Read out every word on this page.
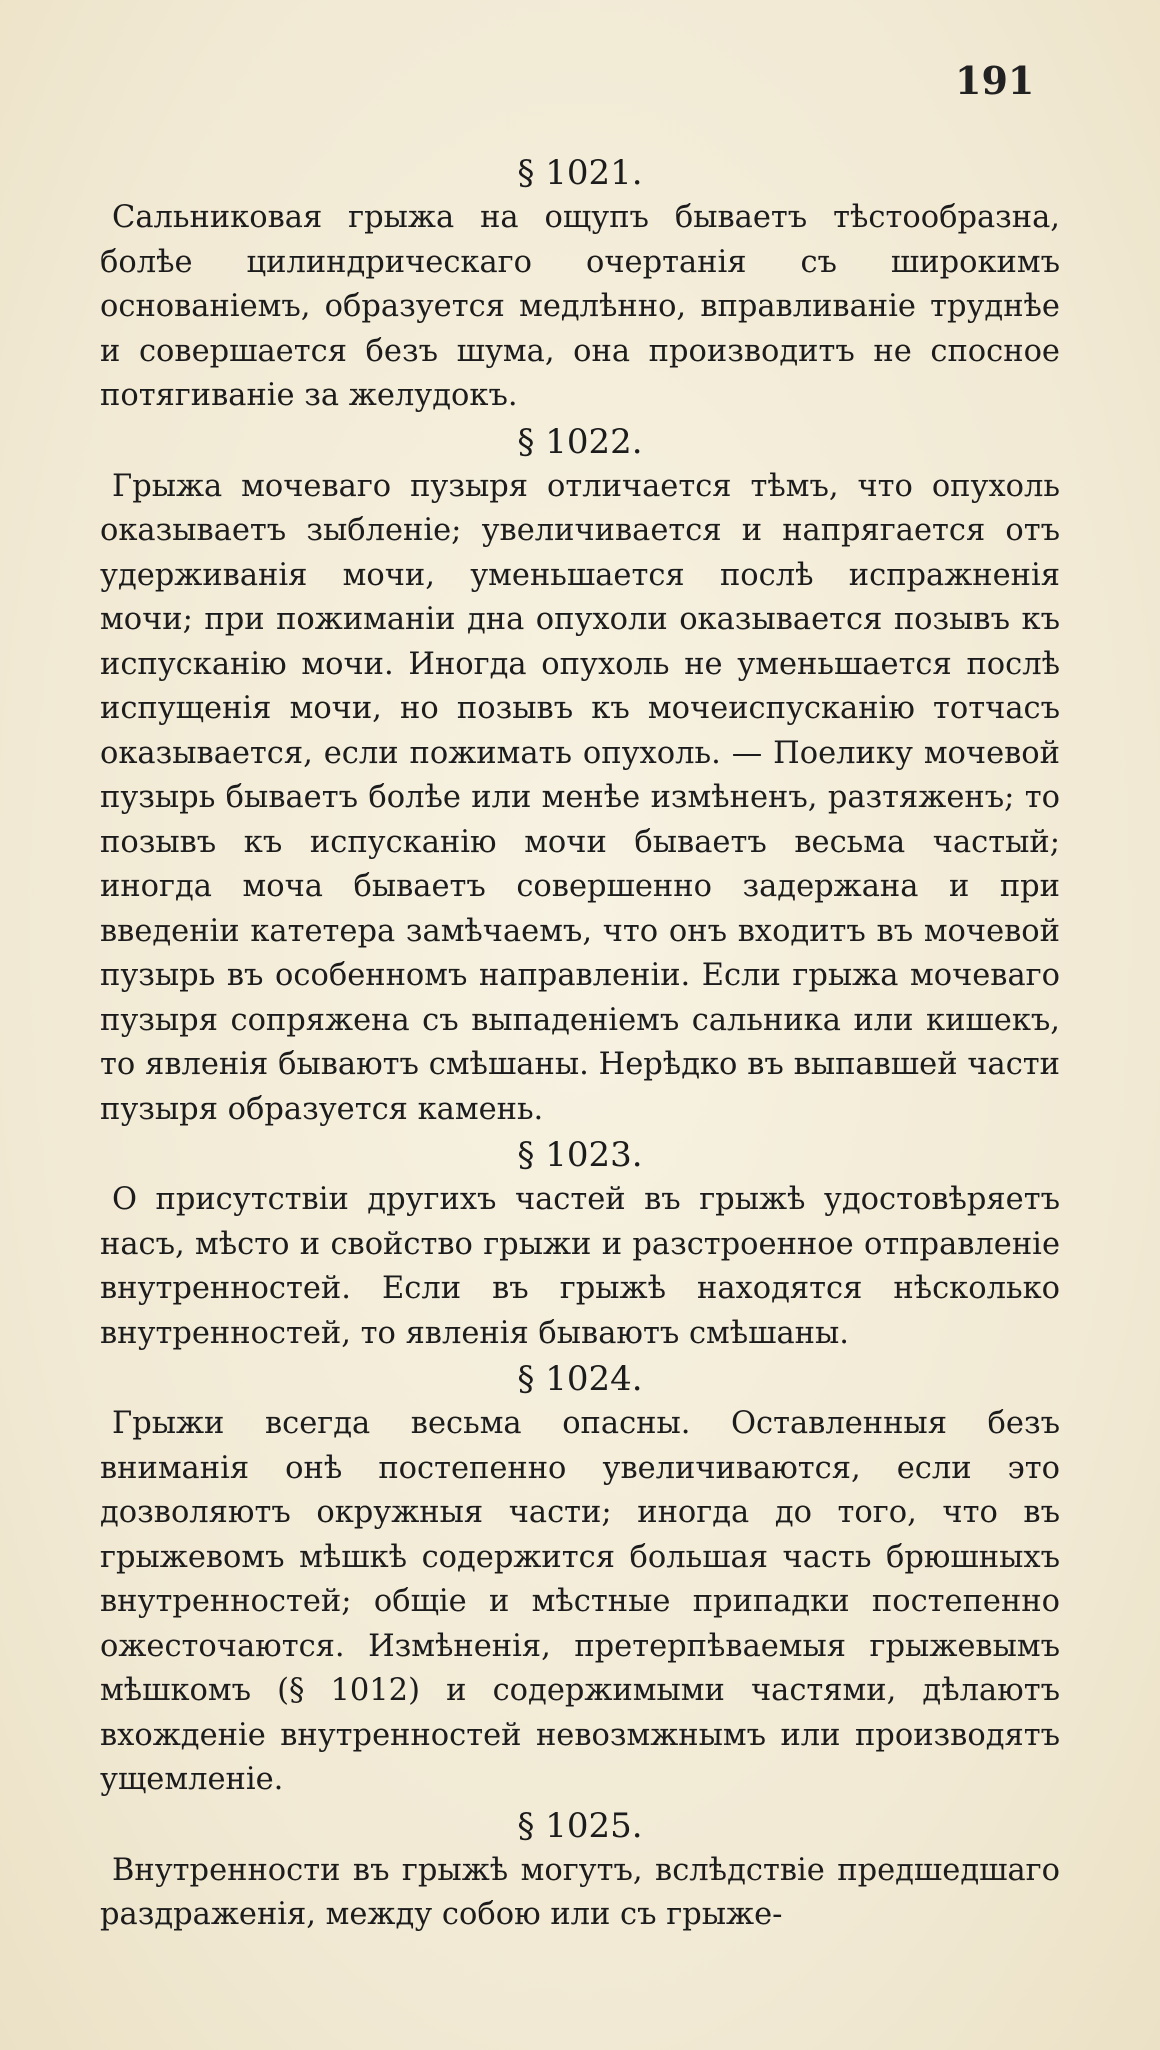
191
§ 1021.

Сальниковая грыжа на ощупъ бываетъ тѣстообразна, болѣе цилиндрическаго очертанія съ широкимъ основаніемъ, образуется медлѣнно, вправливаніе труднѣе и совершается безъ шума, она производитъ не спосное потягиваніе за желудокъ.

§ 1022.

Грыжа мочеваго пузыря отличается тѣмъ, что опухоль оказываетъ зыбленіе; увеличивается и напрягается отъ удерживанія мочи, уменьшается послѣ испражненія мочи; при пожиманіи дна опухоли оказывается позывъ къ испусканію мочи. Иногда опухоль не уменьшается послѣ испущенія мочи, но позывъ къ мочеиспусканію тотчасъ оказывается, если пожимать опухоль. — Поелику мочевой пузырь бываетъ болѣе или менѣе измѣненъ, разтяженъ; то позывъ къ испусканію мочи бываетъ весьма частый; иногда моча бываетъ совершенно задержана и при введеніи катетера замѣчаемъ, что онъ входитъ въ мочевой пузырь въ особенномъ направленіи. Если грыжа мочеваго пузыря сопряжена съ выпаденіемъ сальника или кишекъ, то явленія бываютъ смѣшаны. Нерѣдко въ выпавшей части пузыря образуется камень.

§ 1023.

О присутствіи другихъ частей въ грыжѣ удостовѣряетъ насъ, мѣсто и свойство грыжи и разстроенное отправленіе внутренностей. Если въ грыжѣ находятся нѣсколько внутренностей, то явленія бываютъ смѣшаны.

§ 1024.

Грыжи всегда весьма опасны. Оставленныя безъ вниманія онѣ постепенно увеличиваются, если это дозволяютъ окружныя части; иногда до того, что въ грыжевомъ мѣшкѣ содержится большая часть брюшныхъ внутренностей; общіе и мѣстные припадки постепенно ожесточаются. Измѣненія, претерпѣваемыя грыжевымъ мѣшкомъ (§ 1012) и содержимыми частями, дѣлаютъ вхожденіе внутренностей невозмжнымъ или производятъ ущемленіе.

§ 1025.

Внутренности въ грыжѣ могутъ, вслѣдствіе предшедшаго раздраженія, между собою или съ грыже-
